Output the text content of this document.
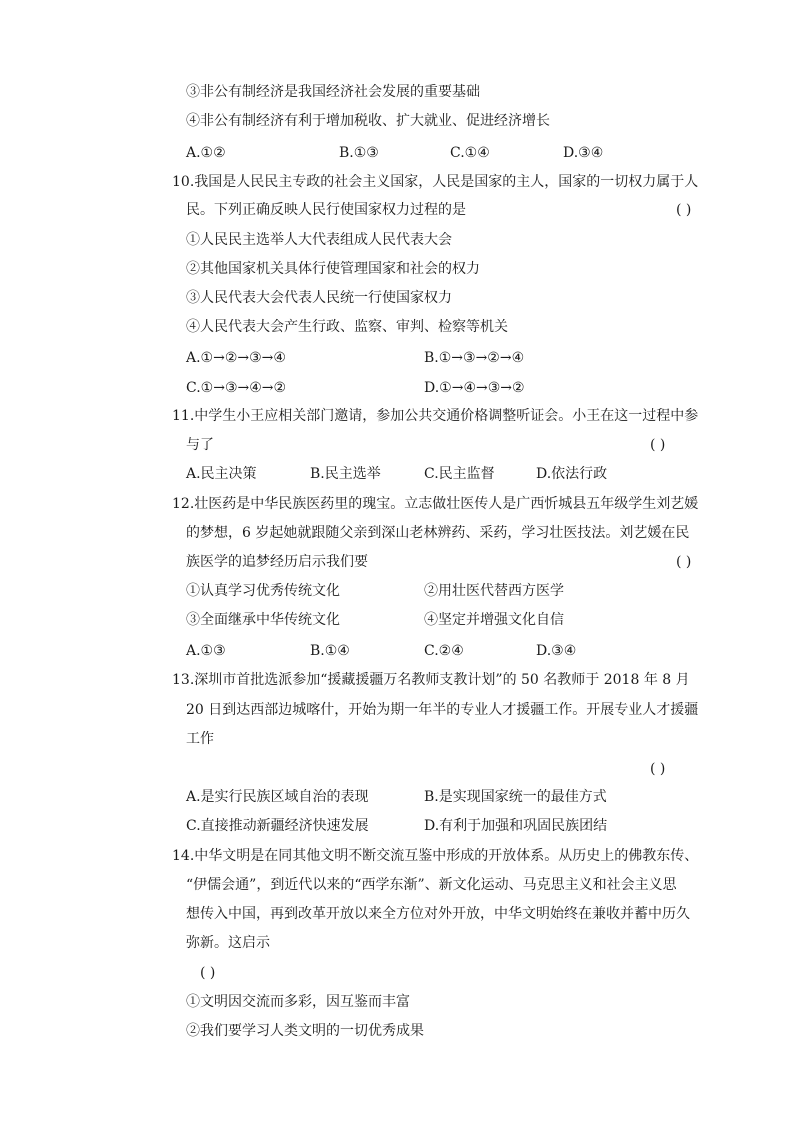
③非公有制经济是我国经济社会发展的重要基础
④非公有制经济有利于增加税收、扩大就业、促进经济增长
A.①②	B.①③	C.①④	D.③④
10.我国是人民民主专政的社会主义国家，人民是国家的主人，国家的一切权力属于人
民。下列正确反映人民行使国家权力过程的是	( )
①人民民主选举人大代表组成人民代表大会
②其他国家机关具体行使管理国家和社会的权力
③人民代表大会代表人民统一行使国家权力
④人民代表大会产生行政、监察、审判、检察等机关
A.①→②→③→④	B.①→③→②→④
C.①→③→④→②	D.①→④→③→②
11.中学生小王应相关部门邀请，参加公共交通价格调整听证会。小王在这一过程中参
与了	( )
A.民主决策	B.民主选举	C.民主监督	D.依法行政
12.壮医药是中华民族医药里的瑰宝。立志做壮医传人是广西忻城县五年级学生刘艺媛
的梦想，6 岁起她就跟随父亲到深山老林辨药、采药，学习壮医技法。刘艺媛在民
族医学的追梦经历启示我们要	( )
①认真学习优秀传统文化	②用壮医代替西方医学
③全面继承中华传统文化	④坚定并增强文化自信
A.①③	B.①④	C.②④	D.③④
13.深圳市首批选派参加“援藏援疆万名教师支教计划”的 50 名教师于 2018 年 8 月
20 日到达西部边城喀什，开始为期一年半的专业人才援疆工作。开展专业人才援疆
工作
( )
A.是实行民族区域自治的表现	B.是实现国家统一的最佳方式
C.直接推动新疆经济快速发展	D.有利于加强和巩固民族团结
14.中华文明是在同其他文明不断交流互鉴中形成的开放体系。从历史上的佛教东传、
“伊儒会通”，到近代以来的“西学东渐”、新文化运动、马克思主义和社会主义思
想传入中国，再到改革开放以来全方位对外开放，中华文明始终在兼收并蓄中历久
弥新。这启示
( )
①文明因交流而多彩，因互鉴而丰富
②我们要学习人类文明的一切优秀成果
